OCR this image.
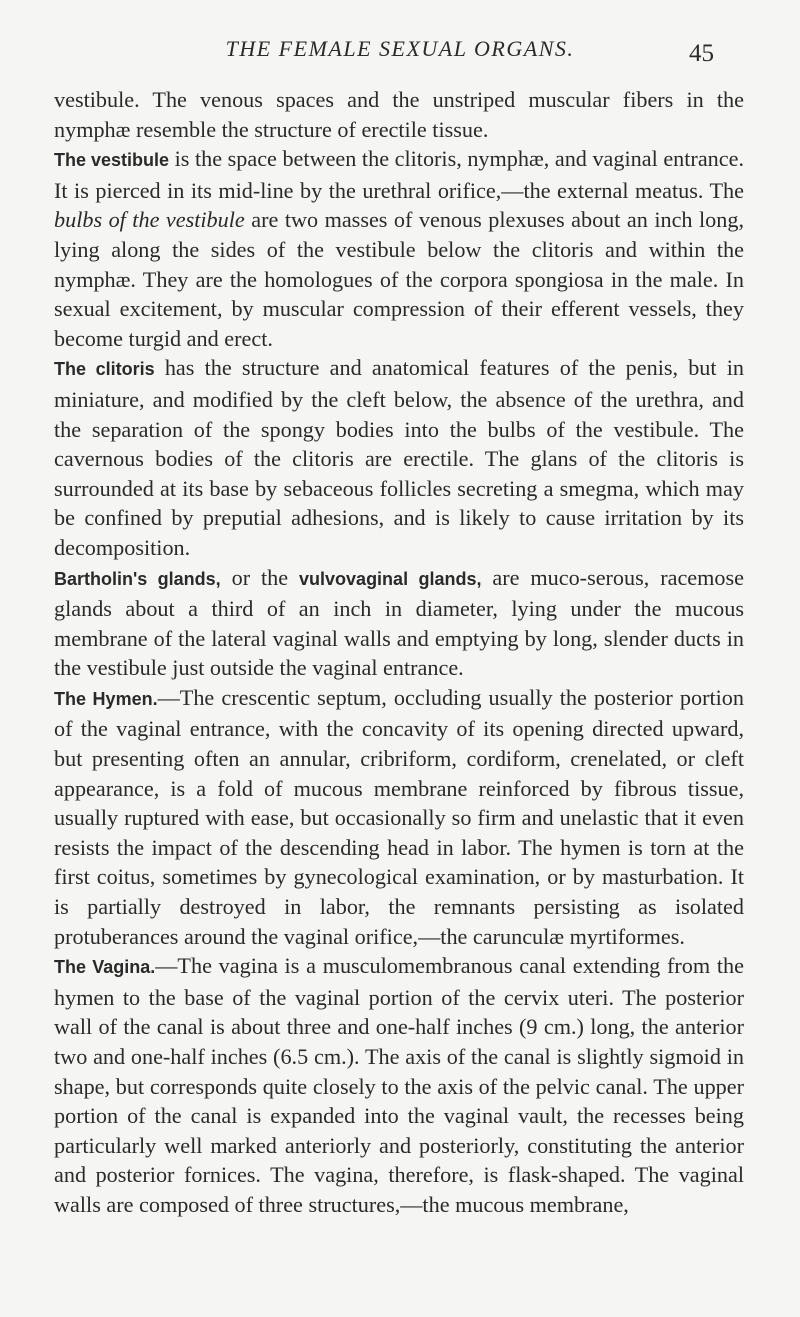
THE FEMALE SEXUAL ORGANS.	45

vestibule. The venous spaces and the unstriped muscular fibers in the nymphæ resemble the structure of erectile tissue.

The vestibule is the space between the clitoris, nymphæ, and vaginal entrance. It is pierced in its mid-line by the urethral orifice,—the external meatus. The bulbs of the vestibule are two masses of venous plexuses about an inch long, lying along the sides of the vestibule below the clitoris and within the nymphæ. They are the homologues of the corpora spongiosa in the male. In sexual excitement, by muscular compression of their efferent vessels, they become turgid and erect.

The clitoris has the structure and anatomical features of the penis, but in miniature, and modified by the cleft below, the absence of the urethra, and the separation of the spongy bodies into the bulbs of the vestibule. The cavernous bodies of the clitoris are erectile. The glans of the clitoris is surrounded at its base by sebaceous follicles secreting a smegma, which may be confined by preputial adhesions, and is likely to cause irritation by its decomposition.

Bartholin's glands, or the vulvovaginal glands, are muco-serous, racemose glands about a third of an inch in diameter, lying under the mucous membrane of the lateral vaginal walls and emptying by long, slender ducts in the vestibule just outside the vaginal entrance.

The Hymen.—The crescentic septum, occluding usually the posterior portion of the vaginal entrance, with the concavity of its opening directed upward, but presenting often an annular, cribriform, cordiform, crenelated, or cleft appearance, is a fold of mucous membrane reinforced by fibrous tissue, usually ruptured with ease, but occasionally so firm and unelastic that it even resists the impact of the descending head in labor. The hymen is torn at the first coitus, sometimes by gynecological examination, or by masturbation. It is partially destroyed in labor, the remnants persisting as isolated protuberances around the vaginal orifice,—the carunculæ myrtiformes.

The Vagina.—The vagina is a musculomembranous canal extending from the hymen to the base of the vaginal portion of the cervix uteri. The posterior wall of the canal is about three and one-half inches (9 cm.) long, the anterior two and one-half inches (6.5 cm.). The axis of the canal is slightly sigmoid in shape, but corresponds quite closely to the axis of the pelvic canal. The upper portion of the canal is expanded into the vaginal vault, the recesses being particularly well marked anteriorly and posteriorly, constituting the anterior and posterior fornices. The vagina, therefore, is flask-shaped. The vaginal walls are composed of three structures,—the mucous membrane,
